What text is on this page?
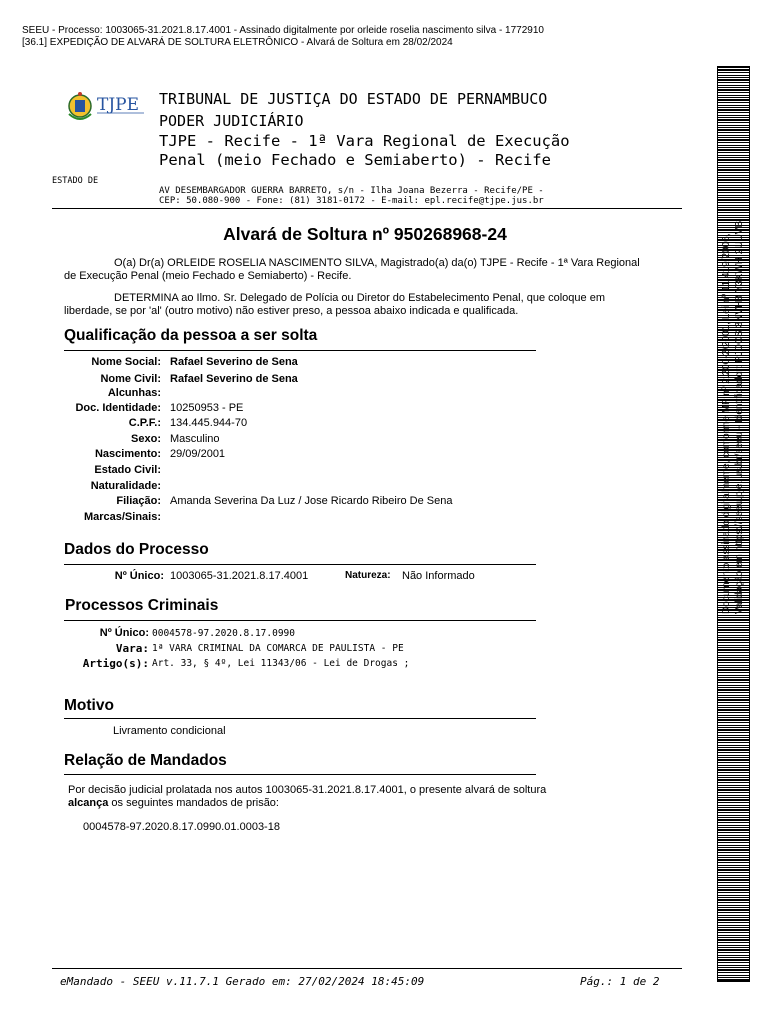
SEEU - Processo: 1003065-31.2021.8.17.4001 - Assinado digitalmente por orleide roselia nascimento silva - 1772910
[36.1] EXPEDIÇÃO DE ALVARÁ DE SOLTURA ELETRÔNICO - Alvará de Soltura em 28/02/2024
TJPE
ESTADO DE
TRIBUNAL DE JUSTIÇA DO ESTADO DE PERNAMBUCO
PODER JUDICIÁRIO
TJPE - Recife - 1ª Vara Regional de Execução Penal (meio Fechado e Semiaberto) - Recife
AV DESEMBARGADOR GUERRA BARRETO, s/n - Ilha Joana Bezerra - Recife/PE -
CEP: 50.080-900 - Fone: (81) 3181-0172 - E-mail: epl.recife@tjpe.jus.br
Alvará de Soltura nº 950268968-24
O(a) Dr(a) ORLEIDE ROSELIA NASCIMENTO SILVA, Magistrado(a) da(o) TJPE - Recife - 1ª Vara Regional de Execução Penal (meio Fechado e Semiaberto) - Recife.
DETERMINA ao Ilmo. Sr. Delegado de Polícia ou Diretor do Estabelecimento Penal, que coloque em liberdade, se por 'al' (outro motivo) não estiver preso, a pessoa abaixo indicada e qualificada.
Qualificação da pessoa a ser solta
Nome Social: Rafael Severino de Sena
Nome Civil: Rafael Severino de Sena
Alcunhas:
Doc. Identidade: 10250953 - PE
C.P.F.: 134.445.944-70
Sexo: Masculino
Nascimento: 29/09/2001
Estado Civil:
Naturalidade:
Filiação: Amanda Severina Da Luz / Jose Ricardo Ribeiro De Sena
Marcas/Sinais:
Dados do Processo
Nº Único: 1003065-31.2021.8.17.4001	Natureza: Não Informado
Processos Criminais
Nº Único: 0004578-97.2020.8.17.0990
Vara: 1ª VARA CRIMINAL DA COMARCA DE PAULISTA - PE
Artigo(s): Art. 33, § 4º, Lei 11343/06 - Lei de Drogas ;
Motivo
Livramento condicional
Relação de Mandados
Por decisão judicial prolatada nos autos 1003065-31.2021.8.17.4001, o presente alvará de soltura alcança os seguintes mandados de prisão:
0004578-97.2020.8.17.0990.01.0003-18
eMandado - SEEU v.11.7.1 Gerado em: 27/02/2024 18:45:09	Pág.: 1 de 2
Documento assinado digitalmente, conforme MP nº 2.200-2/2001, Lei nº 11.419/2006, Validação em https://seeu.pje.jus.br/seeu - Identificador: PJDCS 3NVH8 Y3KWH 2UUVB
